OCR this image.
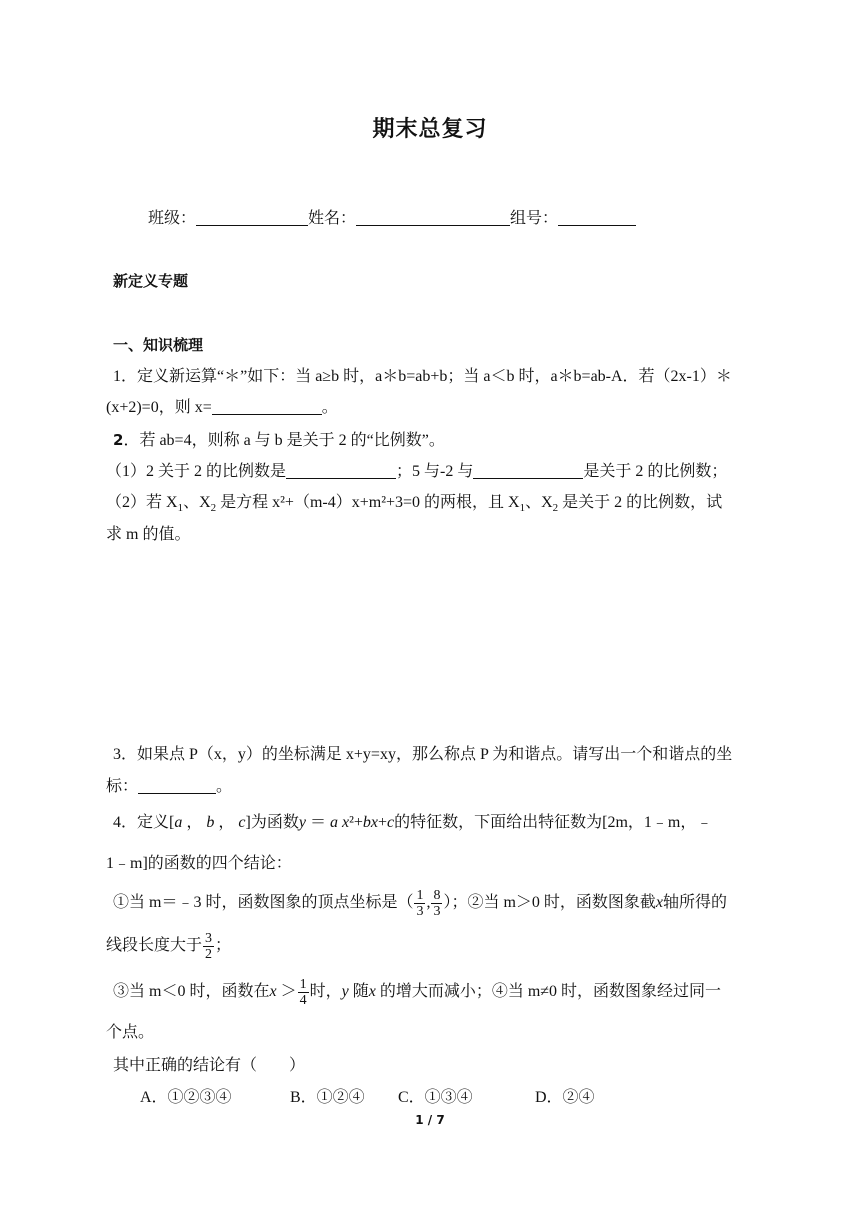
期末总复习
班级：	姓名：	组号：
新定义专题
一、知识梳理
1．定义新运算“＊”如下：当 a≥b 时，a＊b=ab+b；当 a＜b 时，a＊b=ab-A．若（2x-1）＊
(x+2)=0，则 x=	。
2．若 ab=4，则称 a 与 b 是关于 2 的“比例数”。
（1）2 关于 2 的比例数是	；5 与-2 与	是关于 2 的比例数；
（2）若 $X_1$、$X_2$ 是方程 x²+（m-4）x+m²+3=0 的两根，且 $X_1$、$X_2$ 是关于 2 的比例数，试
求 m 的值。
3．如果点 P（x，y）的坐标满足 x+y=xy，那么称点 P 为和谐点。请写出一个和谐点的坐
标：	。
4．定义[a ， b ， c]为函数y ＝ a x²+bx+c的特征数，下面给出特征数为[2m，1﹣m，﹣
1﹣m]的函数的四个结论：
①当 m＝﹣3 时，函数图象的顶点坐标是（ $\frac{1}{3}$ , $\frac{8}{3}$ ）；②当 m＞0 时，函数图象截x轴所得的
线段长度大于 $\frac{3}{2}$ ；
③当 m＜0 时，函数在$x > \frac{1}{4}$ 时，y 随x 的增大而减小；④当 m≠0 时，函数图象经过同一
个点。
其中正确的结论有（　　）
A．①②③④	B．①②④ C．①③④	D．②④
1 / 7
